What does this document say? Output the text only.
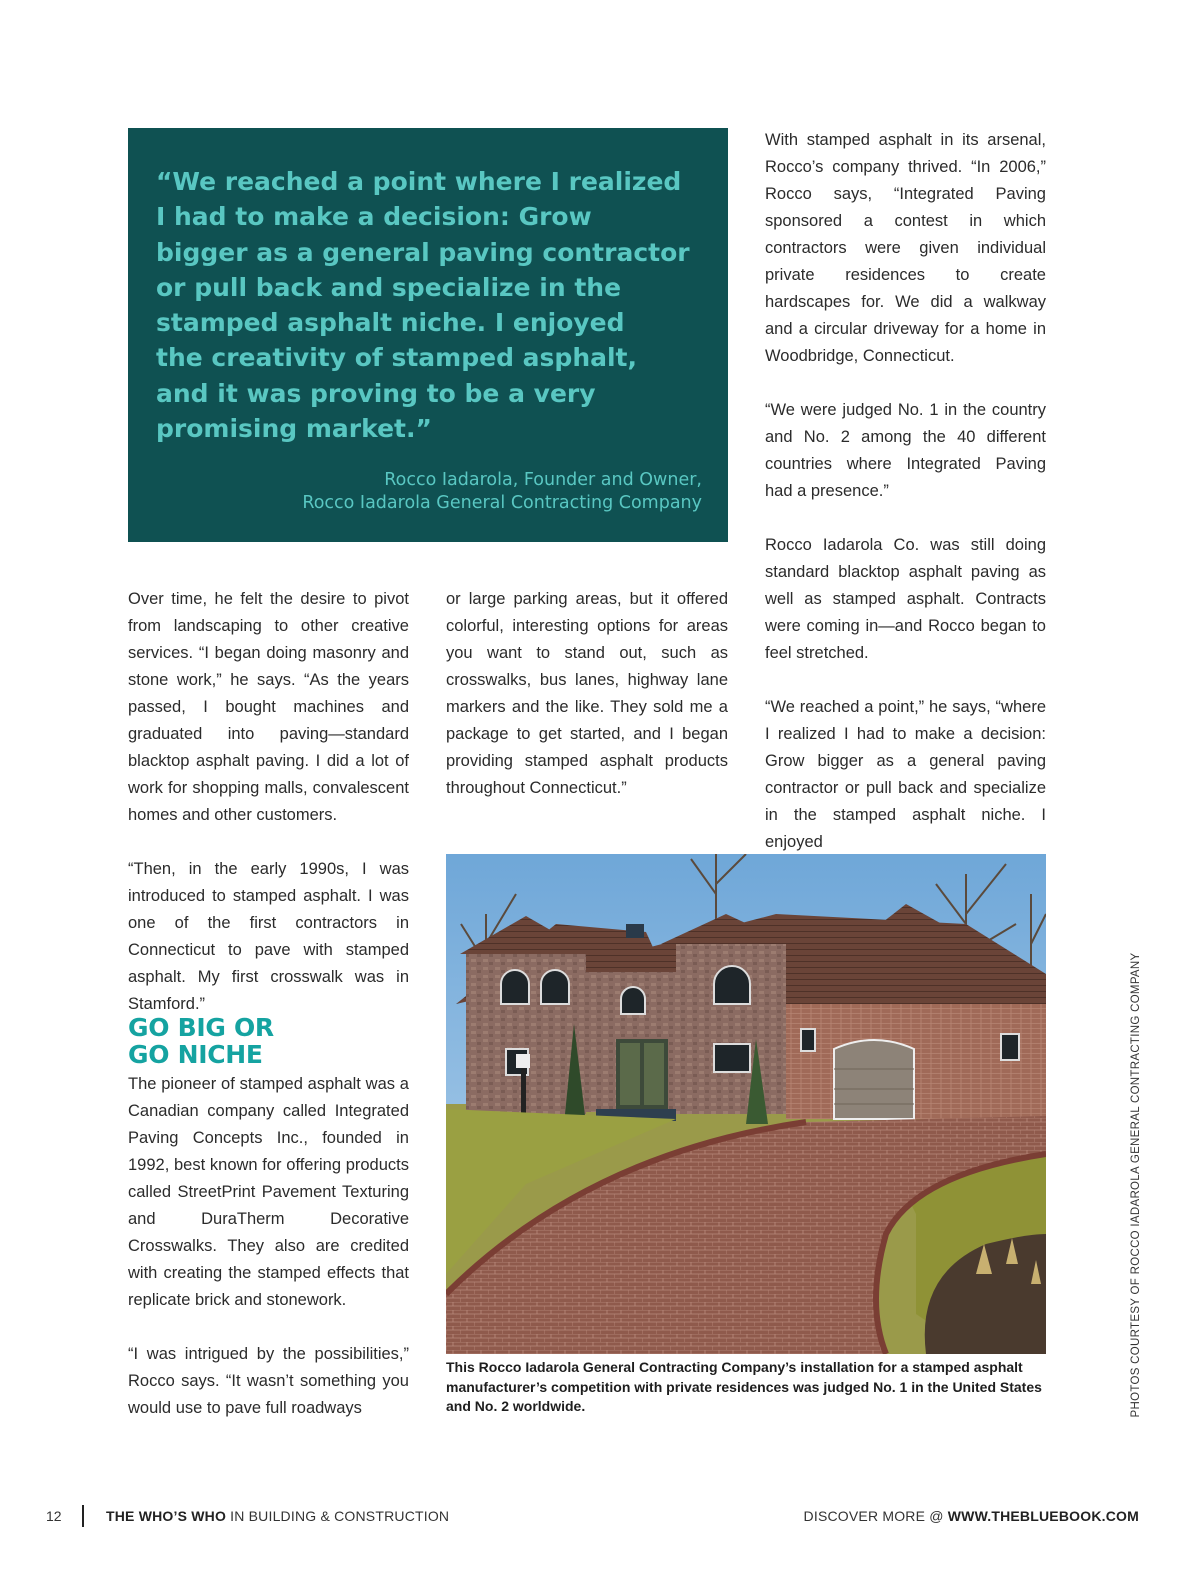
“We reached a point where I realized
I had to make a decision: Grow
bigger as a general paving contractor
or pull back and specialize in the
stamped asphalt niche. I enjoyed
the creativity of stamped asphalt,
and it was proving to be a very
promising market.”
Rocco Iadarola, Founder and Owner,
Rocco Iadarola General Contracting Company

Over time, he felt the desire to pivot from landscaping to other creative services. “I began doing masonry and stone work,” he says. “As the years passed, I bought machines and graduated into paving—standard blacktop asphalt paving. I did a lot of work for shopping malls, convalescent homes and other customers.

“Then, in the early 1990s, I was introduced to stamped asphalt. I was one of the first contractors in Connecticut to pave with stamped asphalt. My first crosswalk was in Stamford.”

GO BIG OR
GO NICHE

The pioneer of stamped asphalt was a Canadian company called Integrated Paving Concepts Inc., founded in 1992, best known for offering products called StreetPrint Pavement Texturing and DuraTherm Decorative Crosswalks. They also are credited with creating the stamped effects that replicate brick and stonework.

“I was intrigued by the possibilities,” Rocco says. “It wasn’t something you would use to pave full roadways

or large parking areas, but it offered colorful, interesting options for areas you want to stand out, such as crosswalks, bus lanes, highway lane markers and the like. They sold me a package to get started, and I began providing stamped asphalt products throughout Connecticut.”

With stamped asphalt in its arsenal, Rocco’s company thrived. “In 2006,” Rocco says, “Integrated Paving sponsored a contest in which contractors were given individual private residences to create hardscapes for. We did a walkway and a circular driveway for a home in Woodbridge, Connecticut.

“We were judged No. 1 in the country and No. 2 among the 40 different countries where Integrated Paving had a presence.”

Rocco Iadarola Co. was still doing standard blacktop asphalt paving as well as stamped asphalt. Contracts were coming in—and Rocco began to feel stretched.

“We reached a point,” he says, “where I realized I had to make a decision: Grow bigger as a general paving contractor or pull back and specialize in the stamped asphalt niche. I enjoyed

This Rocco Iadarola General Contracting Company’s installation for a stamped asphalt manufacturer’s competition with private residences was judged No. 1 in the United States and No. 2 worldwide.	PHOTOS COURTESY OF ROCCO IADAROLA GENERAL CONTRACTING COMPANY
12	THE WHO’S WHO IN BUILDING & CONSTRUCTION	DISCOVER MORE @ WWW.THEBLUEBOOK.COM
